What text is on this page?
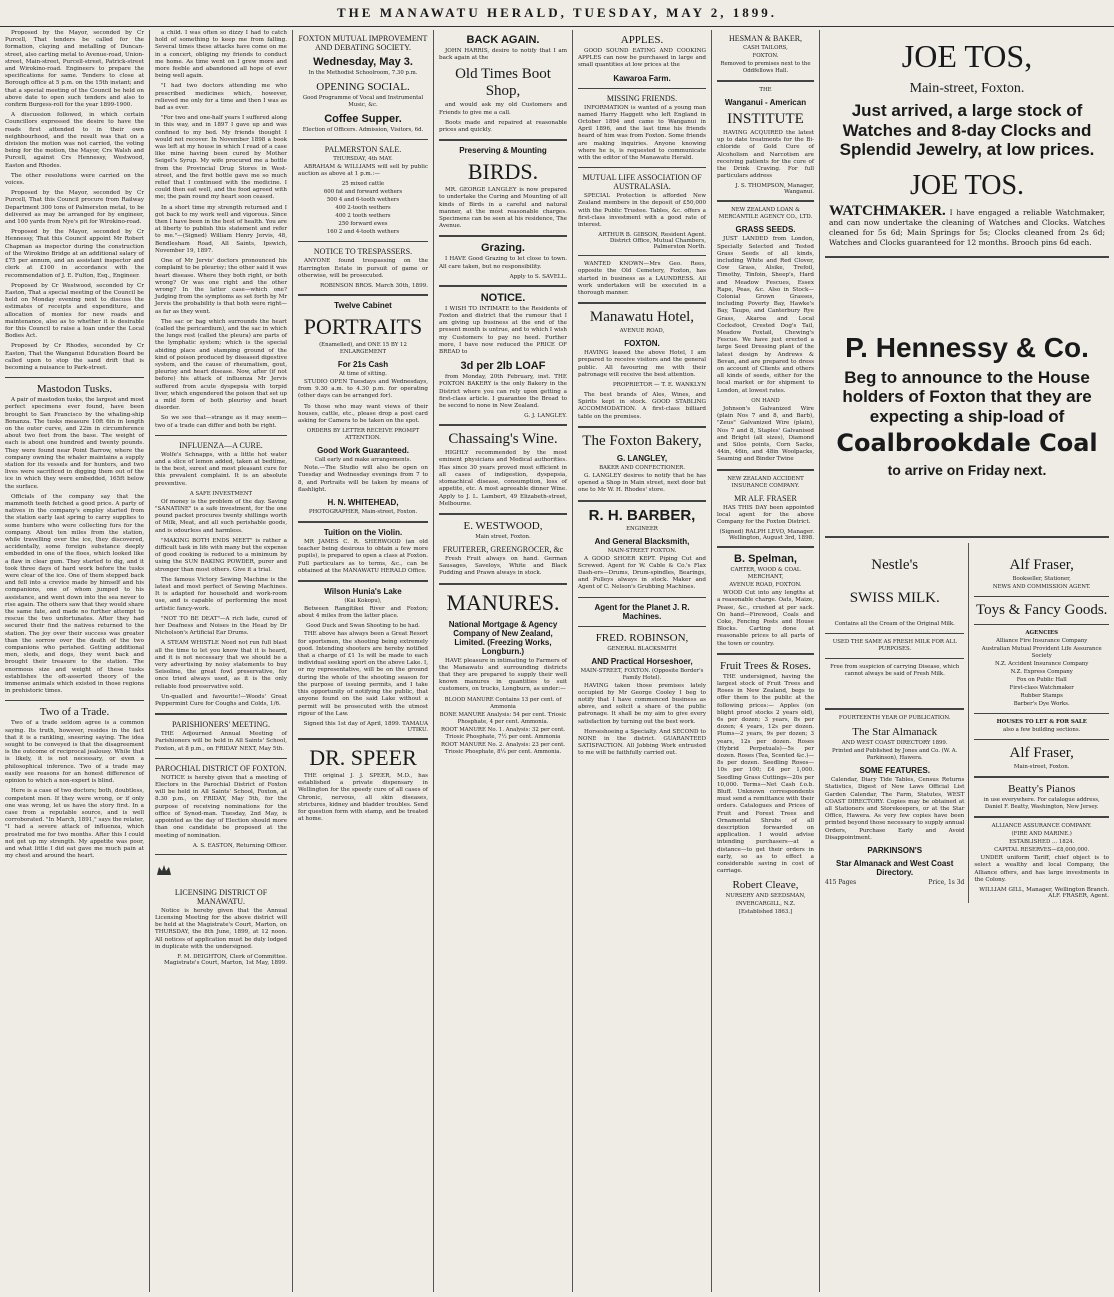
THE MANAWATU HERALD, TUESDAY, MAY 2, 1899.

Proposed by the Mayor, seconded by Cr Purcell, That tenders be called for the formation, claying and metalling of Duncan-street, also carting metal to Avenue-road, Union-street, Main-street, Purcell-street, Patrick-street and Wirokino-road. Engineers to prepare the specifications for same. Tenders to close at Borough office at 5 p.m. on the 15th instant; and that a special meeting of the Council be held on above date to open such tenders and also to confirm Burgess-roll for the year 1899-1900.

A discussion followed, in which certain Councillors expressed the desire to have the roads first attended to in their own neighbourhood, and the result was that on a division the motion was not carried, the voting being for the motion, the Mayor, Crs Walsh and Purcell, against Crs Hennessy, Westwood, Easton and Rhodes.

The other resolutions were carried on the voices.

Proposed by the Mayor, seconded by Cr Purcell, That this Council procure from Railway Department 300 tons of Palmerston metal, to be delivered as may be arranged for by engineer, and 100 yards from Nye's pit for Wirokino-road.

Proposed by the Mayor, seconded by Cr Hennessy, That this Council appoint Mr Robert Chapman as inspector during the construction of the Wirokino Bridge at an additional salary of £75 per annum, and an assistant inspector and clerk at £100 in accordance with the recommendation of J. E. Fulton, Esq., Engineer.

Proposed by Cr Westwood, seconded by Cr Easton, That a special meeting of the Council be held on Monday evening next to discuss the estimates of receipts and expenditure, and allocation of monies for new roads and maintenance, also as to whether it is desirable for this Council to raise a loan under the Local Bodies Act.

Proposed by Cr Rhodes, seconded by Cr Easton, That the Wanganui Education Board be called upon to stop the sand drift that is becoming a nuisance to Park-street.

Mastodon Tusks.

A pair of mastodon tusks, the largest and most perfect specimens ever found, have been brought to San Francisco by the whaling-ship Bonanza. The tusks measure 10ft 6in in length on the outer curve, and 22in in circumference about two feet from the base. The weight of each is about one hundred and twenty pounds. They were found near Point Barrow, where the company owning the whaler maintains a supply station for its vessels and for hunters, and two lives were sacrificed in digging them out of the ice in which they were embedded, 165ft below the surface.

Officials of the company say that the mammoth teeth fetched a good price. A party of natives in the company's employ started from the station early last spring to carry supplies to some hunters who were collecting furs for the company. About ten miles from the station, while travelling over the ice, they discovered, accidentally, some foreign substance deeply embedded in one of the floes, which looked like a flaw in clear gum. They started to dig, and it took three days of hard work before the tusks were clear of the ice. One of them stepped back and fell into a crevice made by himself and his companions, one of whom jumped to his assistance, and went down into the sea never to rise again. The others saw that they would share the same fate, and made no further attempt to rescue the two unfortunates. After they had secured their find the natives returned to the station. The joy over their success was greater than the sorrow over the death of the two companions who perished. Getting additional men, sleds, and dogs, they went back and brought their treasure to the station. The enormous size and weight of these tusks establishes the oft-asserted theory of the immense animals which existed in those regions in prehistoric times.

Two of a Trade.

Two of a trade seldom agree is a common saying. Its truth, however, resides in the fact that it is a rankling, sneering saying. The idea sought to be conveyed is that the disagreement is the outcome of reciprocal jealousy. While that is likely, it is not necessary, or even a philosophical inference. Two of a trade may easily see reasons for an honest difference of opinion to which a non-expert is blind.

Here is a case of two doctors; both, doubtless, competent men. If they were wrong, or if only one was wrong, let us have the story first. In a case from a reputable source, and is well corroborated. "In March, 1891," says the relater, "I had a severe attack of influenza, which prostrated me for two months. After this I could not get up my strength. My appetite was poor, and what little I did eat gave me much pain at my chest and around the heart.

a child. I was often so dizzy I had to catch hold of something to keep me from falling. Several times these attacks have come on me in a concert, obliging my friends to conduct me home. As time went on I grew more and more feeble and abandoned all hope of ever being well again.

"I had two doctors attending me who prescribed medicines which, however, relieved me only for a time and then I was as bad as ever.

"For two and one-half years I suffered along in this way, and in 1897 I gave up and was confined to my bed. My friends thought I would not recover. In November 1898 a book was left at my house in which I read of a case like mine having been cured by Mother Seigel's Syrup. My wife procured me a bottle from the Provincial Drug Stores in West-street, and the first bottle gave me so much relief that I continued with the medicine. I could then eat well, and the food agreed with me; the pain round my heart soon ceased.

In a short time my strength returned and I got back to my work well and vigorous. Since then I have been in the best of health. You are at liberty to publish this statement and refer to me."—(Signed) William Henry Jervis, 48, Bendlesham Road, All Saints, Ipswich, November 19, 1897.

One of Mr Jervis' doctors pronounced his complaint to be pleurisy; the other said it was heart disease. Where they both right, or both wrong? Or was one right and the other wrong? In the latter case—which one? Judging from the symptoms as set forth by Mr Jervis the probability is that both were right—as far as they went.

The sac or bag which surrounds the heart (called the pericardium), and the sac in which the lungs rest (called the pleura) are parts of the lymphatic system; which is the special abiding place and stamping ground of the kind of poison produced by diseased digestive system, and the cause of rheumatism, gout, pleurisy and heart disease. Now, after (if not before) his attack of influenza Mr Jervis suffered from acute dyspepsia with torpid liver, which engendered the poison that set up a mild form of both pleurisy and heart disorder.

So we see that—strange as it may seem—two of a trade can differ and both be right.

INFLUENZA—A CURE.

Wolfe's Schnapps, with a little hot water and a slice of lemon added, taken at bedtime, is the best, surest and most pleasant cure for this prevalent complaint. It is an absolute preventive.

A SAFE INVESTMENT

Of money is the problem of the day. Saving "SANATINE" is a safe investment, for the one pound packet procures twenty shillings worth of Milk, Meat, and all such perishable goods, and is odourless and harmless.

"MAKING BOTH ENDS MEET" is rather a difficult task in life with many but the expense of good cooking is reduced to a minimum by using the SUN BAKING POWDER, purer and stronger than most others. Give it a trial.

The famous Victory Sewing Machine is the latest and most perfect of Sewing Machines. It is adapted for household and work-room use, and is capable of performing the most artistic fancy-work.

"NOT TO BE DEAT"—A rich lade, cured of her Deafness and Noises in the Head by Dr Nicholson's Artificial Ear Drums.

A STEAM WHISTLE Need not run full blast all the time to let you know that it is heard, and it is not necessary that we should be a very advertising by noisy statements to buy Seisoline, the great fowl preservative, for once tried always used, as it is the only reliable food preservative sold.

Un-qualled and favourite!—Woods' Great Peppermint Cure for Coughs and Colds, 1/6.

PARISHIONERS' MEETING.

THE Adjourned Annual Meeting of Parishioners will be held in All Saints' School, Foxton, at 8 p.m., on FRIDAY NEXT, May 5th.

PAROCHIAL DISTRICT OF FOXTON.

NOTICE is hereby given that a meeting of Electors in the Parochial District of Foxton will be held in All Saints' School, Foxton, at 8.30 p.m., on FRIDAY, May 5th, for the purpose of receiving nominations for the office of Synod-man. Tuesday, 2nd May, is appointed as the day of Election should more than one candidate be proposed at the meeting of nomination.

A. S. EASTON, Returning Officer.
LICENSING DISTRICT OF MANAWATU.

Notice is hereby given that the Annual Licensing Meeting for the above district will be held at the Magistrate's Court, Marton, on THURSDAY, the 8th June, 1899, at 12 noon. All notices of application must be duly lodged in duplicate with the undersigned.

F. M. DEIGHTON, Clerk of Committee. Magistrate's Court, Marton, 1st May, 1899.
FOXTON MUTUAL IMPROVEMENT AND DEBATING SOCIETY.
Wednesday, May 3.
In the Methodist Schoolroom, 7.30 p.m.
OPENING SOCIAL.
Good Programme of Vocal and Instrumental Music, &c.
Coffee Supper.
Election of Officers. Admission, Visitors, 6d.
PALMERSTON SALE.
THURSDAY, 4th MAY.

ABRAHAM & WILLIAMS will sell by public auction as above at 1 p.m.:—

25 mixed cattle
600 fat and forward wethers
500 4 and 6-tooth wethers
400 2-tooth wethers
400 2 tooth wethers
250 forward ewes
160 2 and 4-tooth wethers
NOTICE TO TRESPASSERS.

ANYONE found trespassing on the Harrington Estate in pursuit of game or otherwise, will be prosecuted.

ROBINSON BROS. March 30th, 1899.
Twelve Cabinet
PORTRAITS
(Enamelled), and ONE 15 BY 12 ENLARGEMENT
For 21s Cash
At time of sitting.

STUDIO OPEN Tuesdays and Wednesdays, from 9.30 a.m. to 4.30 p.m. for operating (other days can be arranged for).

To those who may want views of their houses, cattle, etc., please drop a post card asking for Camera to be taken on the spot.

ORDERS BY LETTER RECEIVE PROMPT ATTENTION.
Good Work Guaranteed.
Call early and make arrangements.

Note.—The Studio will also be open on Tuesday and Wednesday evenings from 7 to 8, and Portraits will be taken by means of flashlight.

H. N. WHITEHEAD,
PHOTOGRAPHER, Main-street, Foxton.
Tuition on the Violin.

MR JAMES C. R. SHERWOOD (an old teacher being desirous to obtain a few more pupils), is prepared to open a class at Foxton. Full particulars as to terms, &c., can be obtained at the MANAWATU HERALD Office.

Wilson Hunia's Lake
(Kai Kokopu),

Between Rangitikei River and Foxton; about 4 miles from the latter place.

Good Duck and Swan Shooting to be had.

THE above has always been a Great Resort for sportsmen, the shooting being extremely good. Intending shooters are hereby notified that a charge of £1 1s will be made to each individual seeking sport on the above Lake. I, or my representative, will be on the ground during the whole of the shooting season for the purpose of issuing permits, and I take this opportunity of notifying the public, that anyone found on the said Lake without a permit will be prosecuted with the utmost rigour of the Law.

Signed this 1st day of April, 1899. TAMAUA UTIKU.
DR. SPEER

THE original J. J. SPEER, M.D., has established a private dispensary in Wellington for the speedy cure of all cases of Chronic, nervous, all skin diseases, strictures, kidney and bladder troubles. Send for question form with stamp, and be treated at home.

BACK AGAIN.

JOHN HARRIS, desire to notify that I am back again at the

Old Times Boot Shop,

and would ask my old Customers and Friends to give me a call.

Boots made and repaired at reasonable prices and quickly.

Preserving & Mounting
BIRDS.

MR. GEORGE LANGLEY is now prepared to undertake the Curing and Mounting of all kinds of Birds in a careful and natural manner, at the most reasonable charges. Specimens can be seen at his residence, The Avenue.

Grazing.

I HAVE Good Grazing to let close to town. All care taken, but no responsibility.

Apply to S. SAVELL.
NOTICE.

I WISH TO INTIMATE to the Residents of Foxton and district that the rumour that I am giving up business at the end of the present month is untrue, and to which I wish my Customers to pay no heed. Further more, I have now reduced the PRICE OF BREAD to

3d per 2lb LOAF

from Monday, 20th February, inst. THE FOXTON BAKERY is the only Bakery in the District where you can rely upon getting a first-class article. I guarantee the Bread to be second to none in New Zealand.

G. J. LANGLEY.
Chassaing's Wine.

HIGHLY recommended by the most eminent physicians and Medical authorities. Has since 30 years proved most efficient in all cases of indigestion, dyspepsia, stomachical disease, consumption, loss of appetite, etc. A most agreeable dinner Wine. Apply to J. L. Lambert, 49 Elizabeth-street, Melbourne.

E. WESTWOOD,
Main street, Foxton.
FRUITERER, GREENGROCER, &c

Fresh Fruit always on hand. German Sausages, Saveloys, White and Black Pudding and Prawn always in stock.

MANURES.
National Mortgage & Agency Company of New Zealand, Limited. (Freezing Works, Longburn.)

HAVE pleasure in intimating to Farmers of the Manawatu and surrounding districts that they are prepared to supply their well known manures in quantities to suit customers, on trucks, Longburn, as under:—

BLOOD MANURE Contains 13 per cent. of Ammonia
BONE MANURE Analysis: 54 per cent. Triosic Phosphate, 4 per cent. Ammonia.
ROOT MANURE No. 1. Analysis: 32 per cent. Triosic Phosphate, 7½ per cent. Ammonia
ROOT MANURE No. 2. Analysis: 23 per cent. Triosic Phosphate, 8¼ per cent. Ammonia.
APPLES.

GOOD SOUND EATING AND COOKING APPLES can now be purchased in large and small quantities at low prices at the

Kawaroa Farm.
MISSING FRIENDS.

INFORMATION is wanted of a young man named Harry Haggett who left England in October 1894 and came to Wanganui in April 1896, and the last time his friends heard of him was from Foxton. Some friends are making inquiries. Anyone knowing where he is, is requested to communicate with the editor of the Manawatu Herald.

MUTUAL LIFE ASSOCIATION OF AUSTRALASIA.

SPECIAL Protection is afforded New Zealand members in the deposit of £50,000 with the Public Trustee. Tables, &c. offers a first-class investment with a good rate of interest.

ARTHUR B. GIBSON, Resident Agent. District Office, Mutual Chambers, Palmerston North.

WANTED KNOWN—Mrs Geo. Rees, opposite the Old Cemetery, Foxton, has started in business as a LAUNDRESS. All work undertaken will be executed in a thorough manner.

Manawatu Hotel,
AVENUE ROAD,
FOXTON.

HAVING leased the above Hotel, I am prepared to receive visitors and the general public. All favouring me with their patronage will receive the best attention.

PROPRIETOR — T. E. WANKLYN

The best brands of Ales, Wines, and Spirits kept in stock. GOOD STABLING ACCOMMODATION. A first-class billiard table on the premises.

The Foxton Bakery,
G. LANGLEY,
BAKER AND CONFECTIONER.

G. LANGLEY desires to notify that he has opened a Shop in Main street, next door but one to Mr W. H. Rhodes' store.

R. H. BARBER,
ENGINEER
And General Blacksmith,
MAIN-STREET FOXTON.

A GOOD SHOER KEPT. Piping Cut and Screwed. Agent for W. Cable & Co.'s Flax Dash-ers—Drums, Drum-spindles, Bearings, and Pulleys always in stock. Maker and Agent of C. Nelson's Grubbing Machines.

Agent for the Planet J. R. Machines.
FRED. ROBINSON,
GENERAL BLACKSMITH
AND Practical Horseshoer,
MAIN-STREET, FOXTON. (Opposite Border's Family Hotel).

HAVING taken those premises lately occupied by Mr George Cooley I beg to notify that I have commenced business as above, and solicit a share of the public patronage. It shall be my aim to give every satisfaction by turning out the best work.

Horseshoeing a Specialty. And SECOND to NONE in the district. GUARANTEED SATISFACTION. All Jobbing Work entrusted to me will be faithfully carried out.

HESMAN & BAKER,
CASH TAILORS,
FOXTON.
Removed to premises next to the Oddfellows Hall.
THE
Wanganui - American
INSTITUTE

HAVING ACQUIRED the latest up to date treatments for the Bi-chloride of Gold Cure of Alcoholism and Narcotism are receiving patients for the cure of the Drink Craving. For full particulars address

J. S. THOMPSON, Manager, Wanganui.
NEW ZEALAND LOAN & MERCANTILE AGENCY CO., LTD.
GRASS SEEDS.

JUST LANDED from London, Specially Selected and Tested Grass Seeds of all kinds, including White and Red Clover, Cow Grass, Alsike, Trefoil, Timothy, Tinfoin, Sheep's, Hard and Meadow Fescues, Essex Rape, Peas, &c. Also in Stock—Colonial Grown Grasses, including Poverty Bay, Hawke's Bay, Taupo, and Canterbury Rye Grass, Akaroa and Local Cocksfoot, Crested Dog's Tail, Meadow Foxtail, Chewing's Fescue. We have just erected a large Seed Dressing plant of the latest design by Andrews & Bevan, and are prepared to dress on account of Clients and others all kinds of seeds, either for the local market or for shipment to London, at lowest rates.

ON HAND

Johnson's Galvanized Wire (plain Nos 7 and 8, and Barb), "Zeus" Galvanized Wire (plain), Nos 7 and 8, Staples' Galvanised and Bright (all sizes), Diamond and Silos points, Corn Sacks, 44in, 46in, and 48in Woolpacks, Seaming and Binder Twine

NEW ZEALAND ACCIDENT INSURANCE COMPANY.
MR ALF. FRASER

HAS THIS DAY been appointed local agent for the above Company for the Foxton District.

(Signed) RALPH LEVO, Manager. Wellington, August 3rd, 1898.
B. Spelman,
CARTER, WOOD & COAL MERCHANT,
AVENUE ROAD, FOXTON.

WOOD Cut into any lengths at a reasonable charge. Oats, Maize, Pease, &c., crushed at per sack. On hand—Firewood, Coals and Coke, Fencing Posts and House Blocks. Carting done at reasonable prices to all parts of the town or country.

Fruit Trees & Roses.

THE undersigned, having the largest stock of Fruit Trees and Roses in New Zealand, begs to offer them to the public at the following prices:— Apples (on blight proof stocks 2 years old), 6s per dozen; 3 years, 8s per dozen; 4 years, 12s per dozen. Plums—2 years, 9s per dozen; 3 years, 12s per dozen. Roses (Hybrid Perpetuals)—5s per dozen. Roses (Tea, Scented &c.)—8s per dozen. Seedling Roses—10s per 100; £4 per 1,000. Seedling Grass Cuttings—20s per 10,000. Terms—Net Cash f.o.b. Bluff. Unknown correspondents must send a remittance with their orders. Catalogues and Prices of Fruit and Forest Trees and Ornamental Shrubs of all description forwarded on application. I would advise intending purchasers—at a distance—to get their orders in early, so as to effect a considerable saving in cost of carriage.

Robert Cleave,
NURSERY AND SEEDSMAN,
INVERCARGILL, N.Z.
[Established 1863.]
JOE TOS,
Main-street, Foxton.
Just arrived, a large stock of Watches and 8-day Clocks and Splendid Jewelry, at low prices.
JOE TOS.
WATCHMAKER. I have engaged a reliable Watchmaker, and can now undertake the cleaning of Watches and Clocks. Watches cleaned for 5s 6d; Main Springs for 5s; Clocks cleaned from 2s 6d; Watches and Clocks guaranteed for 12 months. Brooch pins 6d each.
P. Hennessy & Co.
Beg to announce to the House holders of Foxton that they are expecting a ship-load of
Coalbrookdale Coal
to arrive on Friday next.
Nestle's
SWISS MILK.
Contains all the Cream of the Original Milk.
USED THE SAME AS FRESH MILK FOR ALL PURPOSES.
Free from suspicion of carrying Disease, which cannot always be said of Fresh Milk.
FOURTEENTH YEAR OF PUBLICATION.
The Star Almanack
AND WEST COAST DIRECTORY 1899.
Printed and Published by Jones and Co. (W. A. Parkinson), Hawera.
SOME FEATURES.

Calendar, Diary Tide Tables, Census Returns Statistics, Digest of New Laws Official List Garden Calendar, The Farm, Statutes, WEST COAST DIRECTORY. Copies may be obtained at all Stationers and Storekeepers, or at the Star Office, Hawera. As very few copies have been printed beyond those necessary to supply annual Orders, Purchase Early and Avoid Disappointment.

PARKINSON'S
Star Almanack and West Coast Directory.
415 Pages	Price, 1s 3d
Alf Fraser,
Bookseller, Stationer,
NEWS AND COMMISSION AGENT.
Toys & Fancy Goods.
AGENCIES
Alliance Fire Insurance Company
Australian Mutual Provident Life Assurance Society
N.Z. Accident Insurance Company
N.Z. Express Company
Fox on Public Hall
First-class Watchmaker
Rubber Stamps
Barber's Dye Works.
HOUSES TO LET & FOR SALE
also a few building sections.
Alf Fraser,
Main-street, Foxton.
Beatty's Pianos
in use everywhere. For catalogue address, Daniel F. Beatty, Washington, New Jersey.
ALLIANCE ASSURANCE COMPANY.
(FIRE AND MARINE.)
ESTABLISHED ... 1824.
CAPITAL RESERVES—£8,000,000.

UNDER uniform Tariff, chief object is to select a wealthy and local Company, the Alliance offers, and has large investments in the Colony.

WILLIAM GILL, Manager, Wellington Branch. ALF. FRASER, Agent.
